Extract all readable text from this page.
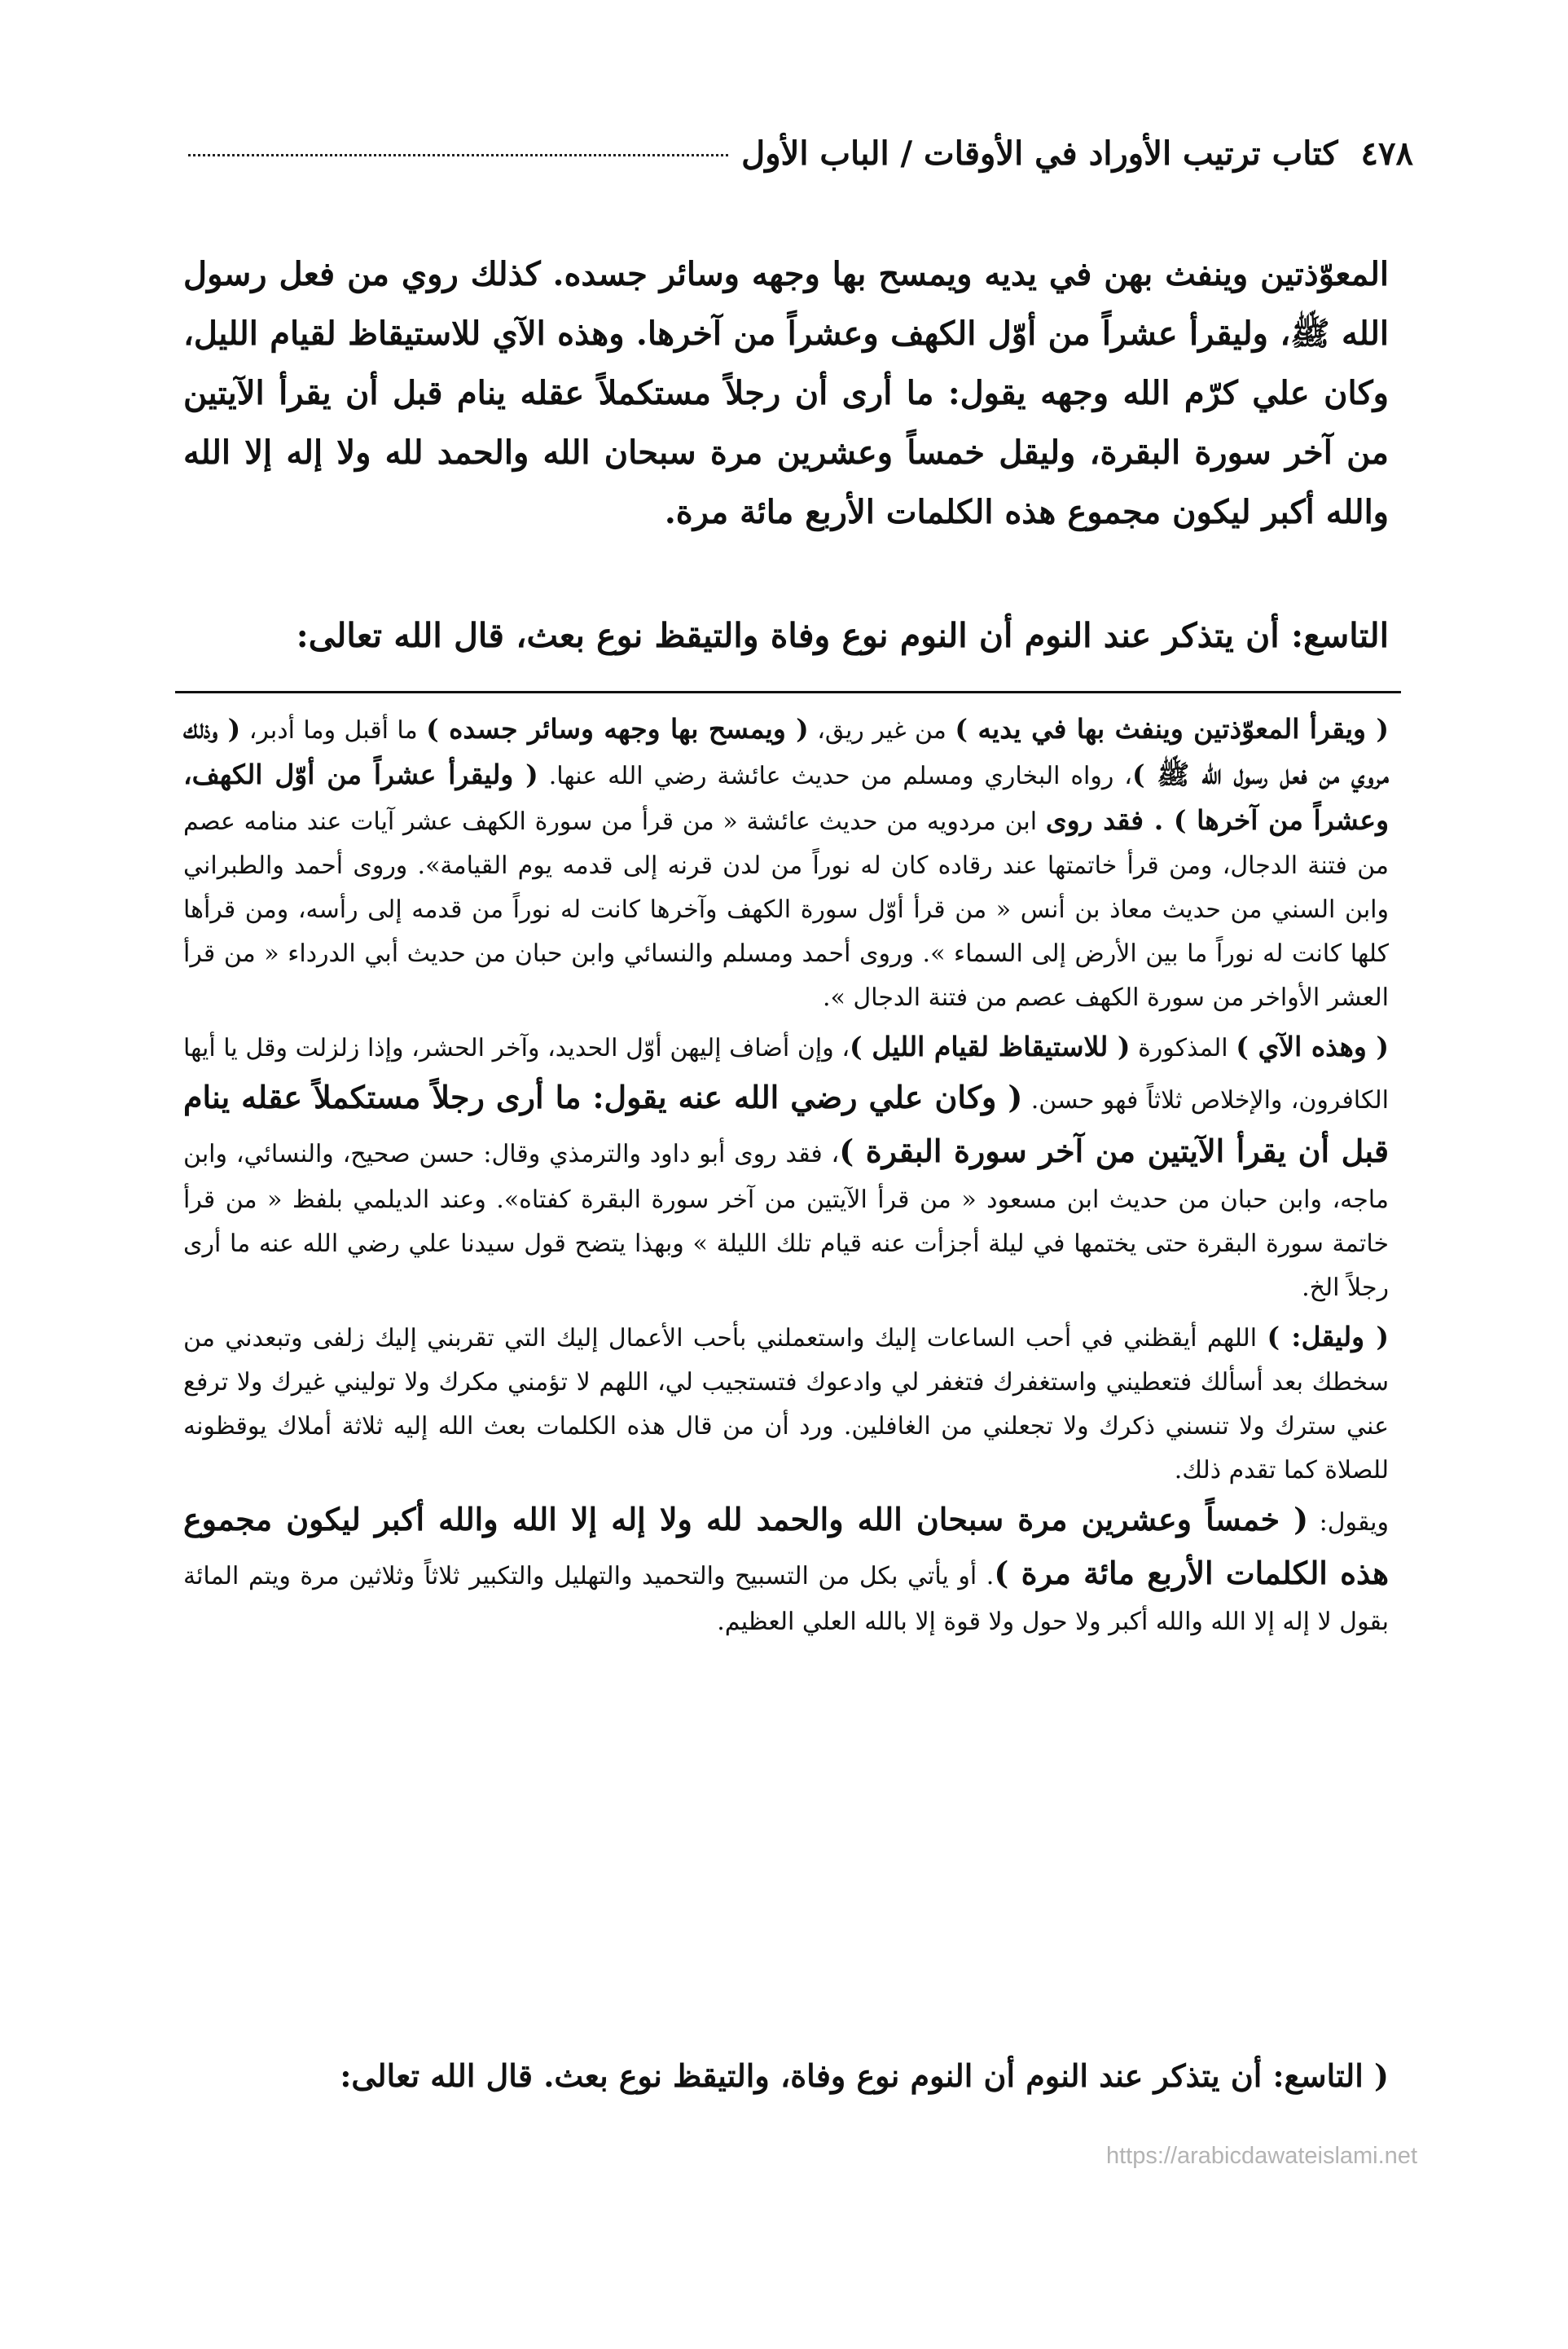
٤٧٨
كتاب ترتيب الأوراد في الأوقات / الباب الأول

المعوّذتين وينفث بهن في يديه ويمسح بها وجهه وسائر جسده. كذلك روي من فعل رسول الله ﷺ، وليقرأ عشراً من أوّل الكهف وعشراً من آخرها. وهذه الآي للاستيقاظ لقيام الليل، وكان علي كرّم الله وجهه يقول: ما أرى أن رجلاً مستكملاً عقله ينام قبل أن يقرأ الآيتين من آخر سورة البقرة، وليقل خمساً وعشرين مرة سبحان الله والحمد لله ولا إله إلا الله والله أكبر ليكون مجموع هذه الكلمات الأربع مائة مرة.

التاسع: أن يتذكر عند النوم أن النوم نوع وفاة والتيقظ نوع بعث، قال الله تعالى:

( ويقرأ المعوّذتين وينفث بها في يديه ) من غير ريق، ( ويمسح بها وجهه وسائر جسده ) ما أقبل وما أدبر، ( وذلك مروي من فعل رسول الله ﷺ )، رواه البخاري ومسلم من حديث عائشة رضي الله عنها. ( وليقرأ عشراً من أوّل الكهف، وعشراً من آخرها ) . فقد روى ابن مردويه من حديث عائشة « من قرأ من سورة الكهف عشر آيات عند منامه عصم من فتنة الدجال، ومن قرأ خاتمتها عند رقاده كان له نوراً من لدن قرنه إلى قدمه يوم القيامة». وروى أحمد والطبراني وابن السني من حديث معاذ بن أنس « من قرأ أوّل سورة الكهف وآخرها كانت له نوراً من قدمه إلى رأسه، ومن قرأها كلها كانت له نوراً ما بين الأرض إلى السماء ». وروى أحمد ومسلم والنسائي وابن حبان من حديث أبي الدرداء « من قرأ العشر الأواخر من سورة الكهف عصم من فتنة الدجال ».

( وهذه الآي ) المذكورة ( للاستيقاظ لقيام الليل )، وإن أضاف إليهن أوّل الحديد، وآخر الحشر، وإذا زلزلت وقل يا أيها الكافرون، والإخلاص ثلاثاً فهو حسن. ( وكان علي رضي الله عنه يقول: ما أرى رجلاً مستكملاً عقله ينام قبل أن يقرأ الآيتين من آخر سورة البقرة )، فقد روى أبو داود والترمذي وقال: حسن صحيح، والنسائي، وابن ماجه، وابن حبان من حديث ابن مسعود « من قرأ الآيتين من آخر سورة البقرة كفتاه». وعند الديلمي بلفظ « من قرأ خاتمة سورة البقرة حتى يختمها في ليلة أجزأت عنه قيام تلك الليلة » وبهذا يتضح قول سيدنا علي رضي الله عنه ما أرى رجلاً الخ.

( وليقل: ) اللهم أيقظني في أحب الساعات إليك واستعملني بأحب الأعمال إليك التي تقربني إليك زلفى وتبعدني من سخطك بعد أسألك فتعطيني واستغفرك فتغفر لي وادعوك فتستجيب لي، اللهم لا تؤمني مكرك ولا توليني غيرك ولا ترفع عني سترك ولا تنسني ذكرك ولا تجعلني من الغافلين. ورد أن من قال هذه الكلمات بعث الله إليه ثلاثة أملاك يوقظونه للصلاة كما تقدم ذلك.

ويقول: ( خمساً وعشرين مرة سبحان الله والحمد لله ولا إله إلا الله والله أكبر ليكون مجموع هذه الكلمات الأربع مائة مرة ). أو يأتي بكل من التسبيح والتحميد والتهليل والتكبير ثلاثاً وثلاثين مرة ويتم المائة بقول لا إله إلا الله والله أكبر ولا حول ولا قوة إلا بالله العلي العظيم.

( التاسع: أن يتذكر عند النوم أن النوم نوع وفاة، والتيقظ نوع بعث. قال الله تعالى:

https://arabicdawateislami.net
